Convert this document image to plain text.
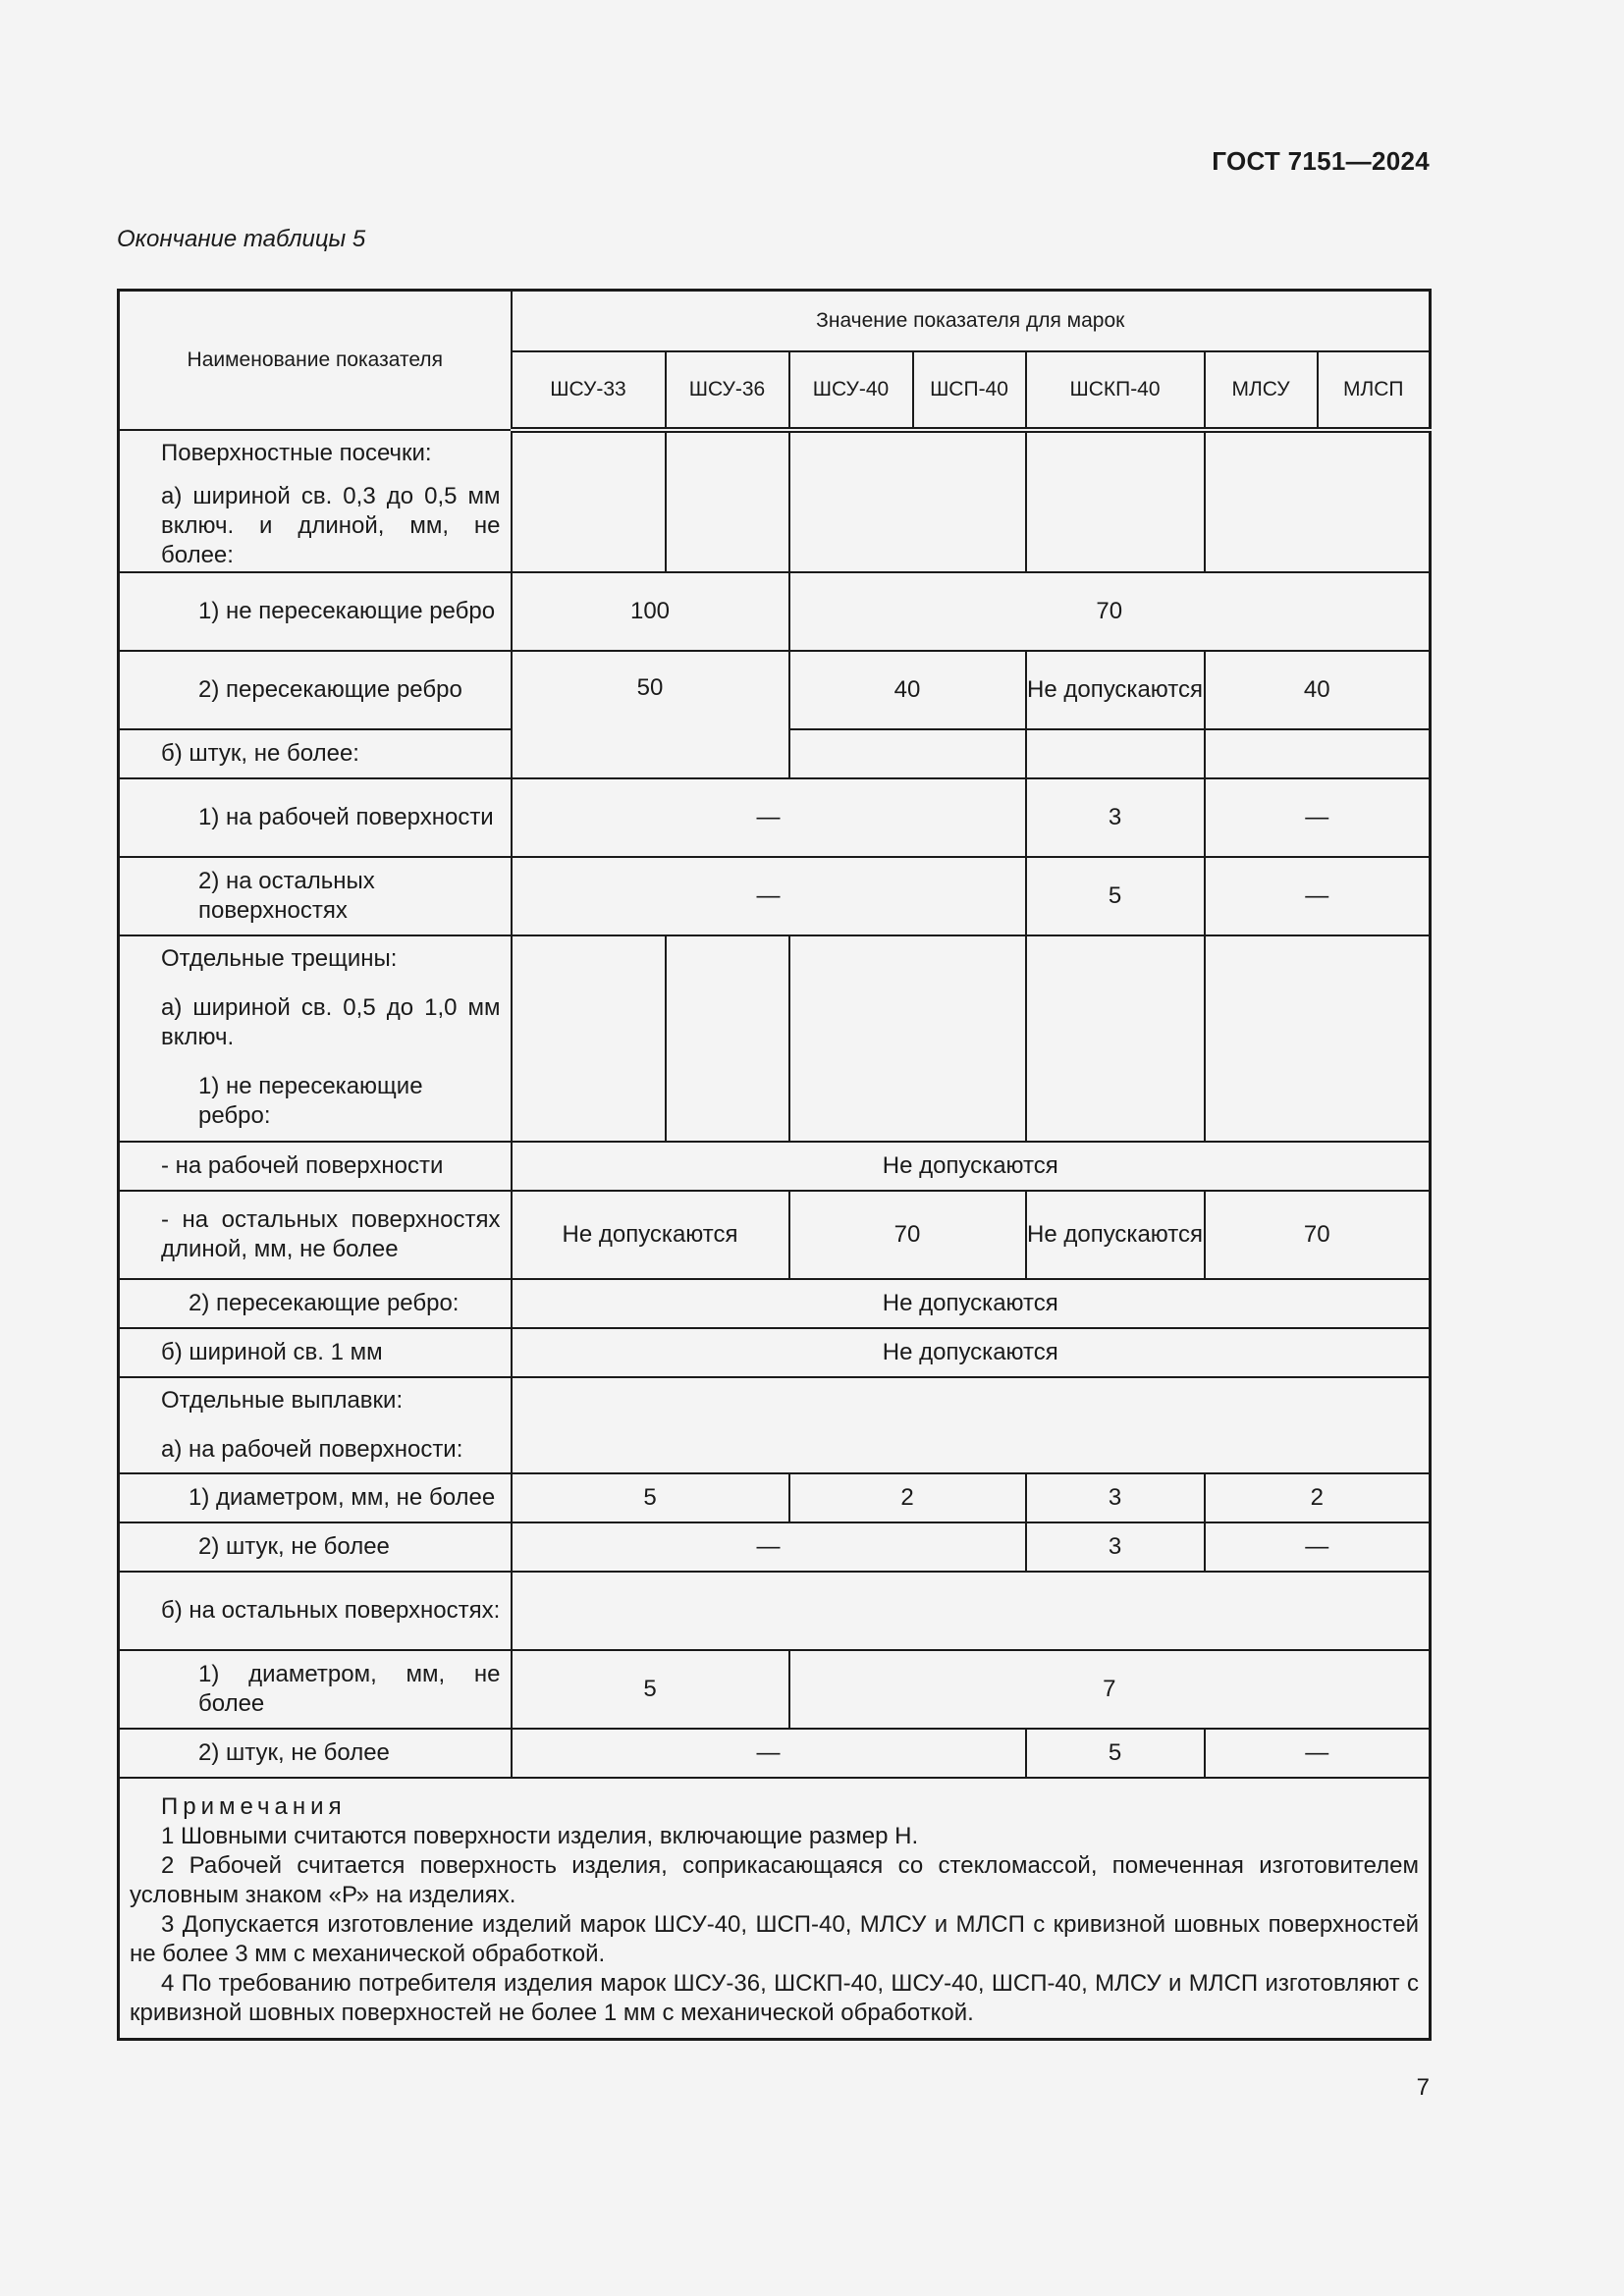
ГОСТ 7151—2024
Окончание таблицы 5
Наименование показателя	Значение показателя для марок						
	ШСУ-33	ШСУ-36	ШСУ-40	ШСП-40	ШСКП-40	МЛСУ	МЛСП

Поверхностные посечки:
а) шириной св. 0,3 до 0,5 мм включ. и длиной, мм, не более:							

1) не пересекающие ребро	100		70				

2) пересекающие ребро	50		40		Не допускаются	40	

б) штук, не более:							

1) на рабочей поверхности	—				3	—	

2) на остальных поверхностях	—				5	—	

Отдельные трещины:
а) шириной св. 0,5 до 1,0 мм включ.
1) не пересекающие ребро:							

- на рабочей поверхности	Не допускаются						

- на остальных поверхностях длиной, мм, не более	Не допускаются		70		Не допускаются	70	

2) пересекающие ребро:	Не допускаются						

б) шириной св. 1 мм	Не допускаются						

Отдельные выплавки:
а) на рабочей поверхности:							

1) диаметром, мм, не более	5		2		3	2	

2) штук, не более	—				3	—	

б) на остальных поверхностях:							

1) диаметром, мм, не более	5		7				

2) штук, не более	—				5	—	

Примечания
1 Шовными считаются поверхности изделия, включающие размер Н.
2 Рабочей считается поверхность изделия, соприкасающаяся со стекломассой, помеченная изготовителем условным знаком «Р» на изделиях.
3 Допускается изготовление изделий марок ШСУ-40, ШСП-40, МЛСУ и МЛСП с кривизной шовных поверхностей не более 3 мм с механической обработкой.
4 По требованию потребителя изделия марок ШСУ-36, ШСКП-40, ШСУ-40, ШСП-40, МЛСУ и МЛСП изготовляют с кривизной шовных поверхностей не более 1 мм с механической обработкой.							
7
